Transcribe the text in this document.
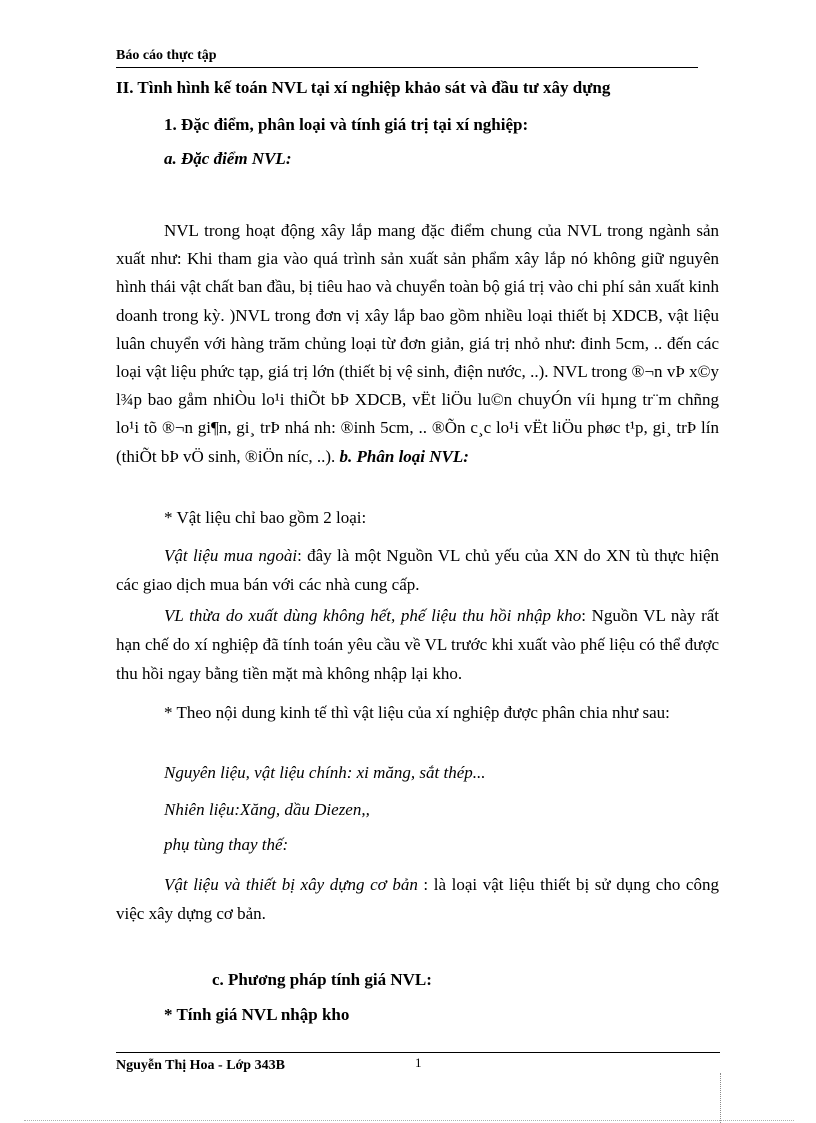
Báo cáo thực tập
II. Tình hình kế toán NVL tại xí nghiệp khảo sát và đầu tư xây dựng
1. Đặc điểm, phân loại và tính giá trị tại xí nghiệp:
a. Đặc điểm NVL:
NVL trong hoạt động xây lắp mang đặc điểm chung của NVL trong ngành sản xuất như: Khi tham gia vào quá trình sản xuất sản phẩm xây lắp nó không giữ nguyên hình thái vật chất ban đầu, bị tiêu hao và chuyển toàn bộ giá trị vào chi phí sản xuất kinh doanh trong kỳ. )NVL trong đơn vị xây lắp bao gồm nhiều loại thiết bị XDCB, vật liệu luân chuyển với hàng trăm chủng loại từ đơn giản, giá trị nhỏ như: đinh 5cm, .. đến các loại vật liệu phức tạp, giá trị lớn (thiết bị vệ sinh, điện nước, ..). NVL trong ®¬n vÞ x©y l¾p bao gåm nhiÒu lo¹i thiÕt bÞ XDCB, vËt liÖu lu©n chuyÓn víi hµng tr¨m chñng lo¹i tõ ®¬n gi¶n, gi¸ trÞ nhá nh: ®inh 5cm, .. ®Õn c¸c lo¹i vËt liÖu phøc t¹p, gi¸ trÞ lín (thiÕt bÞ vÖ sinh, ®iÖn níc, ..). b. Phân loại NVL:
* Vật liệu chỉ bao gồm 2 loại:
Vật liệu mua ngoài: đây là một Nguồn VL chủ yếu của XN do XN tù thực hiện các giao dịch mua bán với các nhà cung cấp.
VL thừa do xuất dùng không hết, phế liệu thu hồi nhập kho: Nguồn VL này rất hạn chế do xí nghiệp đã tính toán yêu cầu về VL trước khi xuất vào phế liệu có thể được thu hồi ngay bằng tiền mặt mà không nhập lại kho.
* Theo nội dung kinh tế thì vật liệu của xí nghiệp được phân chia như sau:
Nguyên liệu, vật liệu chính: xi măng, sắt thép...
Nhiên liệu:Xăng, dầu Diezen,,
phụ tùng thay thế:
Vật liệu và thiết bị xây dựng cơ bản : là loại vật liệu thiết bị sử dụng cho công việc xây dựng cơ bản.
c. Phương pháp tính giá NVL:
* Tính giá NVL nhập kho
Nguyễn Thị Hoa - Lớp 343B	1
